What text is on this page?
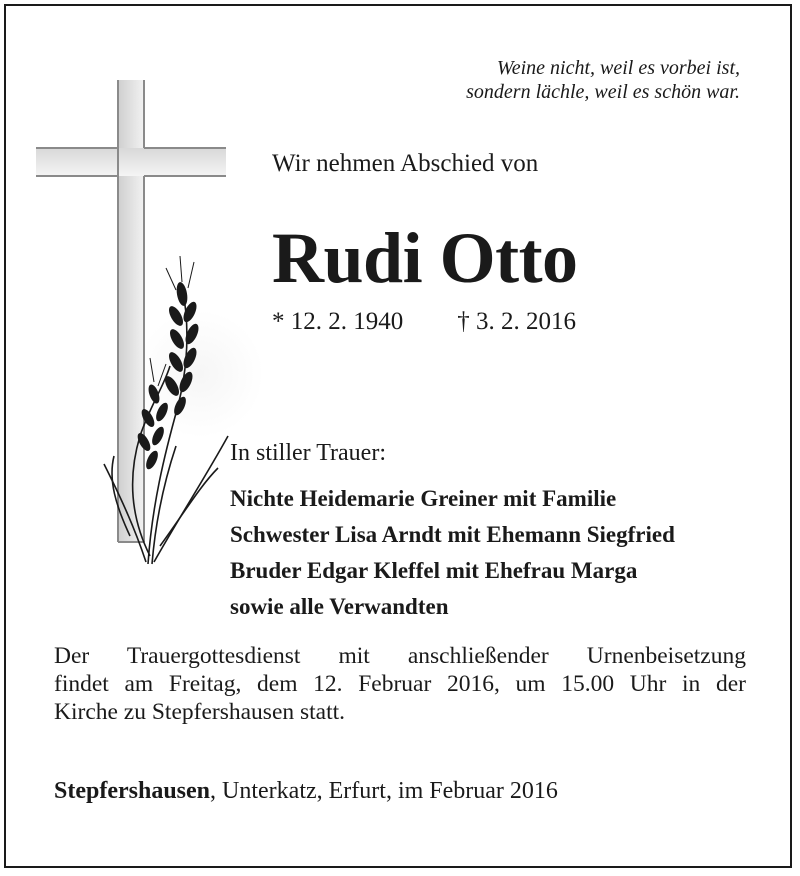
Weine nicht, weil es vorbei ist,
sondern lächle, weil es schön war.
Wir nehmen Abschied von
Rudi Otto
* 12. 2. 1940 † 3. 2. 2016
In stiller Trauer:
Nichte Heidemarie Greiner mit Familie
Schwester Lisa Arndt mit Ehemann Siegfried
Bruder Edgar Kleffel mit Ehefrau Marga
sowie alle Verwandten
Der Trauergottesdienst mit anschließender Urnenbeisetzung
findet am Freitag, dem 12. Februar 2016, um 15.00 Uhr in der
Kirche zu Stepfershausen statt.
Stepfershausen, Unterkatz, Erfurt, im Februar 2016
